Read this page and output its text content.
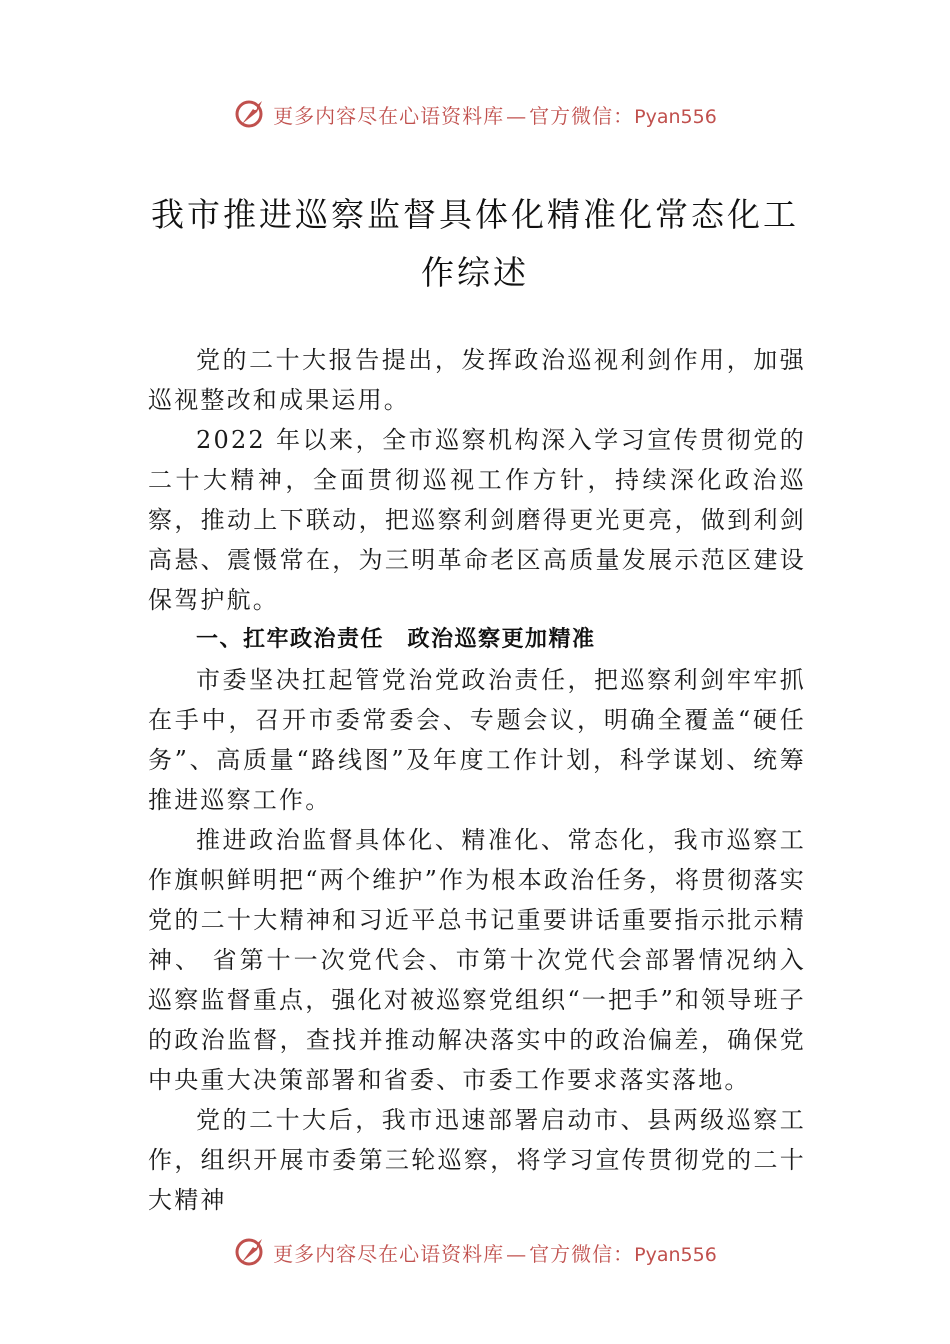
更多内容尽在心语资料库 — 官方微信：Pyan556
我市推进巡察监督具体化精准化常态化工作综述

党的二十大报告提出，发挥政治巡视利剑作用，加强巡视整改和成果运用。

2022 年以来，全市巡察机构深入学习宣传贯彻党的二十大精神，全面贯彻巡视工作方针，持续深化政治巡察，推动上下联动，把巡察利剑磨得更光更亮，做到利剑高悬、震慑常在，为三明革命老区高质量发展示范区建设保驾护航。

一、扛牢政治责任　政治巡察更加精准

市委坚决扛起管党治党政治责任，把巡察利剑牢牢抓在手中，召开市委常委会、专题会议，明确全覆盖“硬任务”、高质量“路线图”及年度工作计划，科学谋划、统筹推进巡察工作。

推进政治监督具体化、精准化、常态化，我市巡察工作旗帜鲜明把“两个维护”作为根本政治任务，将贯彻落实党的二十大精神和习近平总书记重要讲话重要指示批示精神、 省第十一次党代会、市第十次党代会部署情况纳入巡察监督重点，强化对被巡察党组织“一把手”和领导班子的政治监督，查找并推动解决落实中的政治偏差，确保党中央重大决策部署和省委、市委工作要求落实落地。

党的二十大后，我市迅速部署启动市、县两级巡察工作，组织开展市委第三轮巡察，将学习宣传贯彻党的二十大精神

更多内容尽在心语资料库 — 官方微信：Pyan556
